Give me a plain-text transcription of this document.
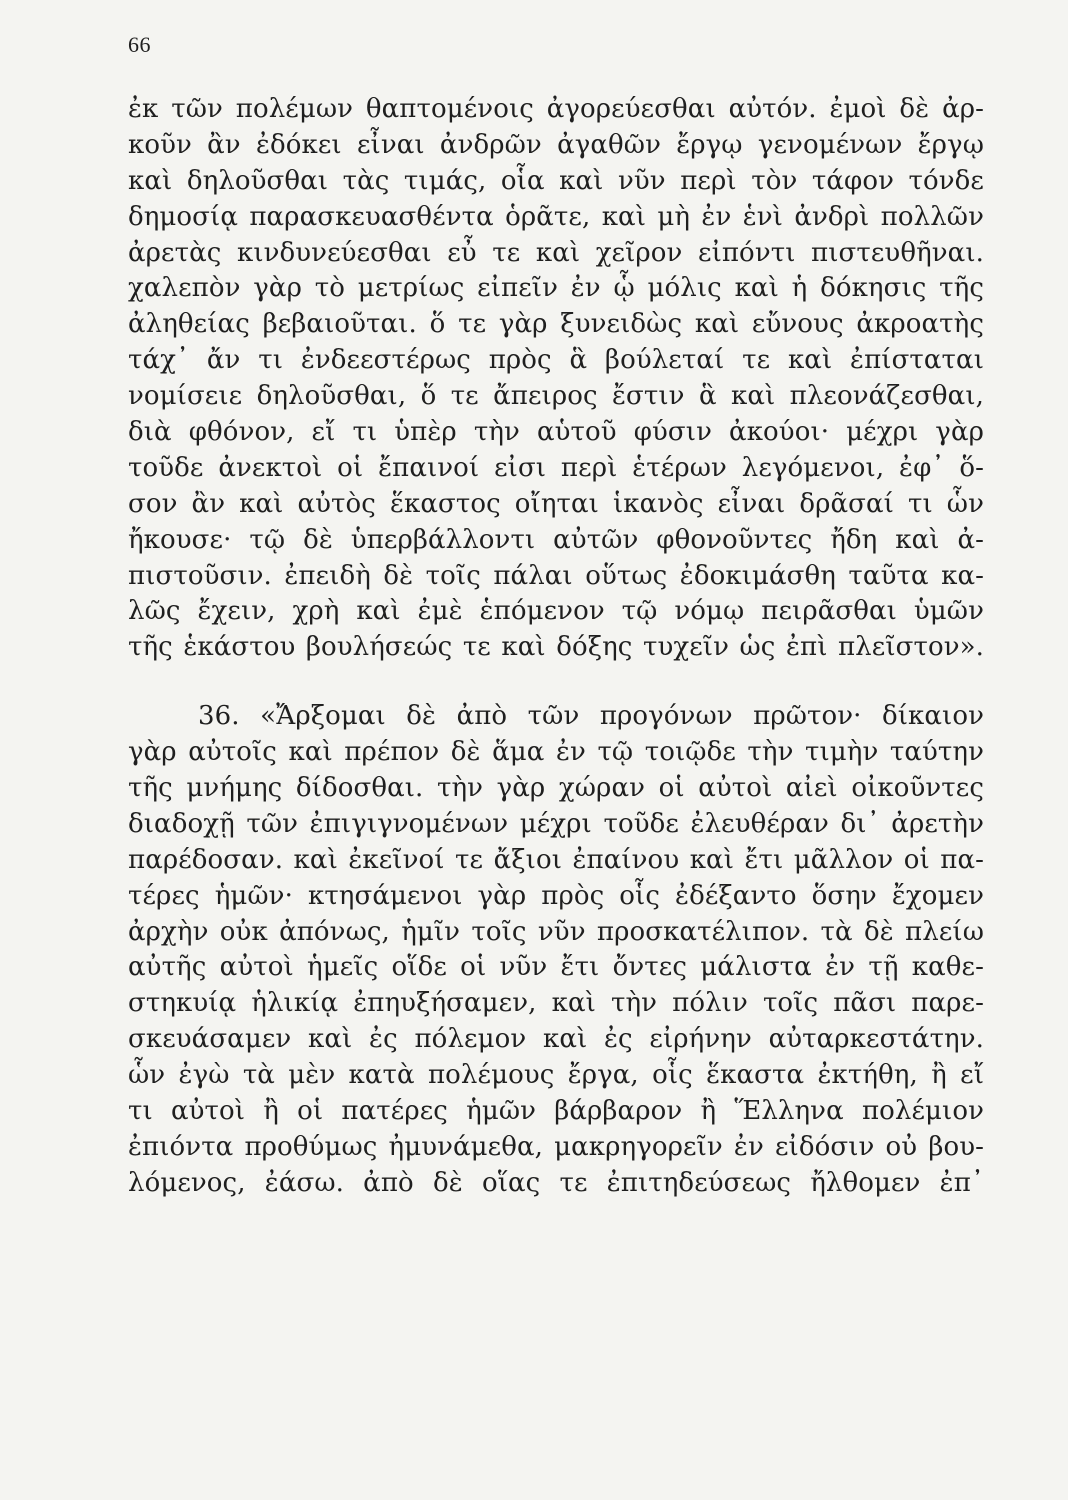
66
ἐκ τῶν πολέμων θαπτομένοις ἀγορεύεσθαι αὐτόν. ἐμοὶ δὲ ἀρ-
κοῦν ἂν ἐδόκει εἶναι ἀνδρῶν ἀγαθῶν ἔργῳ γενομένων ἔργῳ
καὶ δηλοῦσθαι τὰς τιμάς, οἷα καὶ νῦν περὶ τὸν τάφον τόνδε
δημοσίᾳ παρασκευασθέντα ὁρᾶτε, καὶ μὴ ἐν ἑνὶ ἀνδρὶ πολλῶν
ἀρετὰς κινδυνεύεσθαι εὖ τε καὶ χεῖρον εἰπόντι πιστευθῆναι.
χαλεπὸν γὰρ τὸ μετρίως εἰπεῖν ἐν ᾧ μόλις καὶ ἡ δόκησις τῆς
ἀληθείας βεβαιοῦται. ὅ τε γὰρ ξυνειδὼς καὶ εὔνους ἀκροατὴς
τάχ᾽ ἄν τι ἐνδεεστέρως πρὸς ἃ βούλεταί τε καὶ ἐπίσταται
νομίσειε δηλοῦσθαι, ὅ τε ἄπειρος ἔστιν ἃ καὶ πλεονάζεσθαι,
διὰ φθόνον, εἴ τι ὑπὲρ τὴν αὑτοῦ φύσιν ἀκούοι· μέχρι γὰρ
τοῦδε ἀνεκτοὶ οἱ ἔπαινοί εἰσι περὶ ἑτέρων λεγόμενοι, ἐφ᾽ ὅ-
σον ἂν καὶ αὐτὸς ἕκαστος οἴηται ἱκανὸς εἶναι δρᾶσαί τι ὧν
ἤκουσε· τῷ δὲ ὑπερβάλλοντι αὐτῶν φθονοῦντες ἤδη καὶ ἀ-
πιστοῦσιν. ἐπειδὴ δὲ τοῖς πάλαι οὕτως ἐδοκιμάσθη ταῦτα κα-
λῶς ἔχειν, χρὴ καὶ ἐμὲ ἑπόμενον τῷ νόμῳ πειρᾶσθαι ὑμῶν
τῆς ἑκάστου βουλήσεώς τε καὶ δόξης τυχεῖν ὡς ἐπὶ πλεῖστον».
36. «Ἄρξομαι δὲ ἀπὸ τῶν προγόνων πρῶτον· δίκαιον
γὰρ αὐτοῖς καὶ πρέπον δὲ ἅμα ἐν τῷ τοιῷδε τὴν τιμὴν ταύτην
τῆς μνήμης δίδοσθαι. τὴν γὰρ χώραν οἱ αὐτοὶ αἰεὶ οἰκοῦντες
διαδοχῇ τῶν ἐπιγιγνομένων μέχρι τοῦδε ἐλευθέραν δι᾽ ἀρετὴν
παρέδοσαν. καὶ ἐκεῖνοί τε ἄξιοι ἐπαίνου καὶ ἔτι μᾶλλον οἱ πα-
τέρες ἡμῶν· κτησάμενοι γὰρ πρὸς οἷς ἐδέξαντο ὅσην ἔχομεν
ἀρχὴν οὐκ ἀπόνως, ἡμῖν τοῖς νῦν προσκατέλιπον. τὰ δὲ πλείω
αὐτῆς αὐτοὶ ἡμεῖς οἵδε οἱ νῦν ἔτι ὄντες μάλιστα ἐν τῇ καθε-
στηκυίᾳ ἡλικίᾳ ἐπηυξήσαμεν, καὶ τὴν πόλιν τοῖς πᾶσι παρε-
σκευάσαμεν καὶ ἐς πόλεμον καὶ ἐς εἰρήνην αὐταρκεστάτην.
ὧν ἐγὼ τὰ μὲν κατὰ πολέμους ἔργα, οἷς ἕκαστα ἐκτήθη, ἢ εἴ
τι αὐτοὶ ἢ οἱ πατέρες ἡμῶν βάρβαρον ἢ Ἕλληνα πολέμιον
ἐπιόντα προθύμως ἠμυνάμεθα, μακρηγορεῖν ἐν εἰδόσιν οὐ βου-
λόμενος, ἐάσω. ἀπὸ δὲ οἵας τε ἐπιτηδεύσεως ἤλθομεν ἐπ᾽
